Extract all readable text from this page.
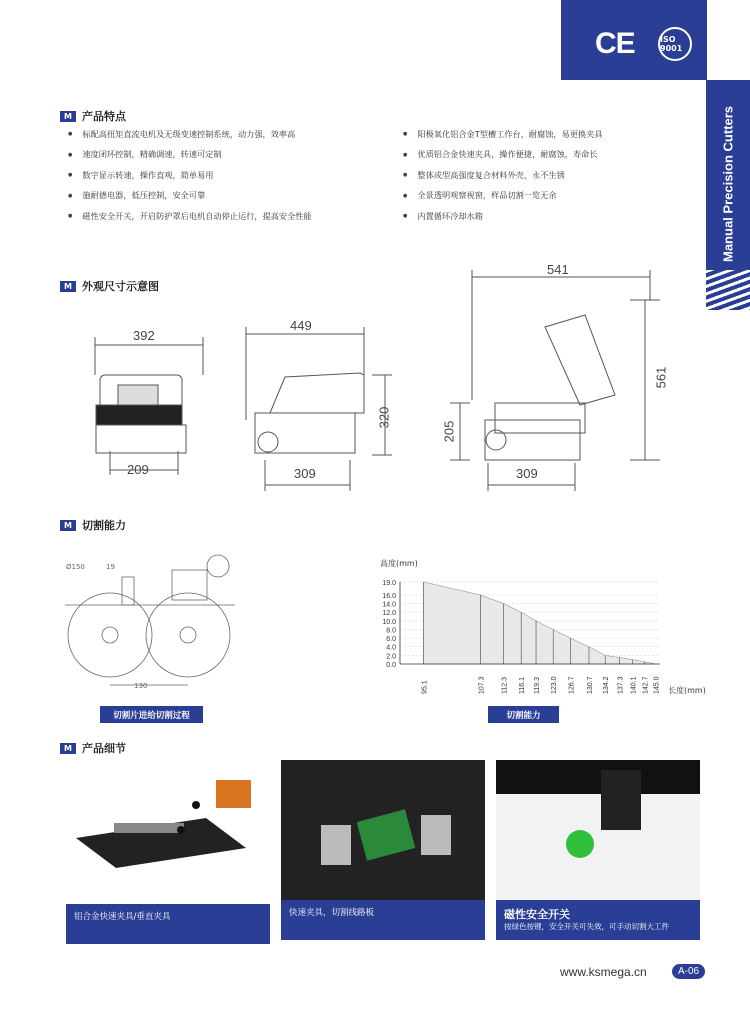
CE	ISO 9001
Manual Precision Cutters
M 产品特点
● 标配高扭矩直流电机及无级变速控制系统，动力强，效率高
● 速度闭环控制，精确调速，转速可定制
● 数字显示转速，操作直观，简单易用
● 施耐德电器，低压控制，安全可靠
● 磁性安全开关，开启防护罩后电机自动停止运行，提高安全性能
● 阳极氧化铝合金T型槽工作台，耐腐蚀，易更换夹具
● 优质铝合金快速夹具，操作便捷，耐腐蚀，寿命长
● 整体成型高强度复合材料外壳，永不生锈
● 全景透明观察视窗，样品切割一览无余
● 内置循环冷却水箱
M 外观尺寸示意图
392
209
449
320
309
541
561
205
309
M 切割能力
Ø150	19
130
切割片进给切割过程
高度(mm)
长度(mm)
0.0
2.0
4.0
6.0
8.0
10.0
12.0
14.0
16.0
19.0
95.1	107.3 112.3 116.1 119.3 123.0 126.7 130.7 134.2 137.3 140.1 142.7 145.0
切割能力
M 产品细节
铝合金快速夹具/垂直夹具	快速夹具，切割线路板	磁性安全开关
按绿色按键，安全开关可失效，可手动切割大工件
www.ksmega.cn	A-06
